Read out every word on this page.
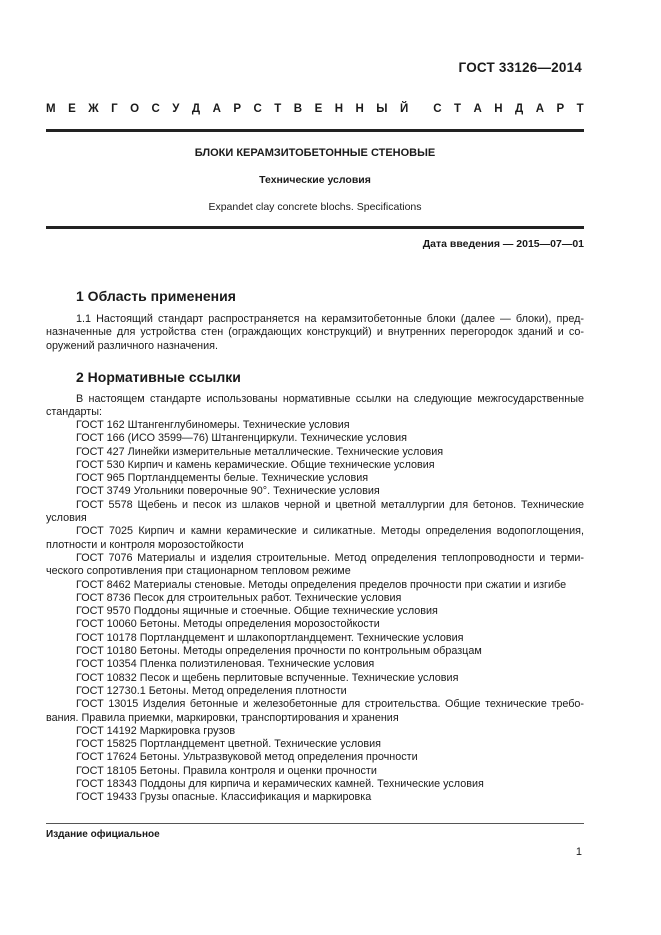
ГОСТ 33126—2014
М Е Ж Г О С У Д А Р С Т В Е Н Н Ы Й С Т А Н Д А Р Т
БЛОКИ КЕРАМЗИТОБЕТОННЫЕ СТЕНОВЫЕ
Технические условия
Expandet clay concrete blochs. Specifications
Дата введения — 2015—07—01
1 Область применения
1.1 Настоящий стандарт распространяется на керамзитобетонные блоки (далее — блоки), пред-назначенные для устройства стен (ограждающих конструкций) и внутренних перегородок зданий и со-оружений различного назначения.
2 Нормативные ссылки
В настоящем стандарте использованы нормативные ссылки на следующие межгосударственные стандарты:
ГОСТ 162 Штангенглубиномеры. Технические условия
ГОСТ 166 (ИСО 3599—76) Штангенциркули. Технические условия
ГОСТ 427 Линейки измерительные металлические. Технические условия
ГОСТ 530 Кирпич и камень керамические. Общие технические условия
ГОСТ 965 Портландцементы белые. Технические условия
ГОСТ 3749 Угольники поверочные 90°. Технические условия
ГОСТ 5578 Щебень и песок из шлаков черной и цветной металлургии для бетонов. Технические условия
ГОСТ 7025 Кирпич и камни керамические и силикатные. Методы определения водопоглощения, плотности и контроля морозостойкости
ГОСТ 7076 Материалы и изделия строительные. Метод определения теплопроводности и терми-ческого сопротивления при стационарном тепловом режиме
ГОСТ 8462 Материалы стеновые. Методы определения пределов прочности при сжатии и изгибе
ГОСТ 8736 Песок для строительных работ. Технические условия
ГОСТ 9570 Поддоны ящичные и стоечные. Общие технические условия
ГОСТ 10060 Бетоны. Методы определения морозостойкости
ГОСТ 10178 Портландцемент и шлакопортландцемент. Технические условия
ГОСТ 10180 Бетоны. Методы определения прочности по контрольным образцам
ГОСТ 10354 Пленка полиэтиленовая. Технические условия
ГОСТ 10832 Песок и щебень перлитовые вспученные. Технические условия
ГОСТ 12730.1 Бетоны. Метод определения плотности
ГОСТ 13015 Изделия бетонные и железобетонные для строительства. Общие технические требо-вания. Правила приемки, маркировки, транспортирования и хранения
ГОСТ 14192 Маркировка грузов
ГОСТ 15825 Портландцемент цветной. Технические условия
ГОСТ 17624 Бетоны. Ультразвуковой метод определения прочности
ГОСТ 18105 Бетоны. Правила контроля и оценки прочности
ГОСТ 18343 Поддоны для кирпича и керамических камней. Технические условия
ГОСТ 19433 Грузы опасные. Классификация и маркировка
Издание официальное
1
